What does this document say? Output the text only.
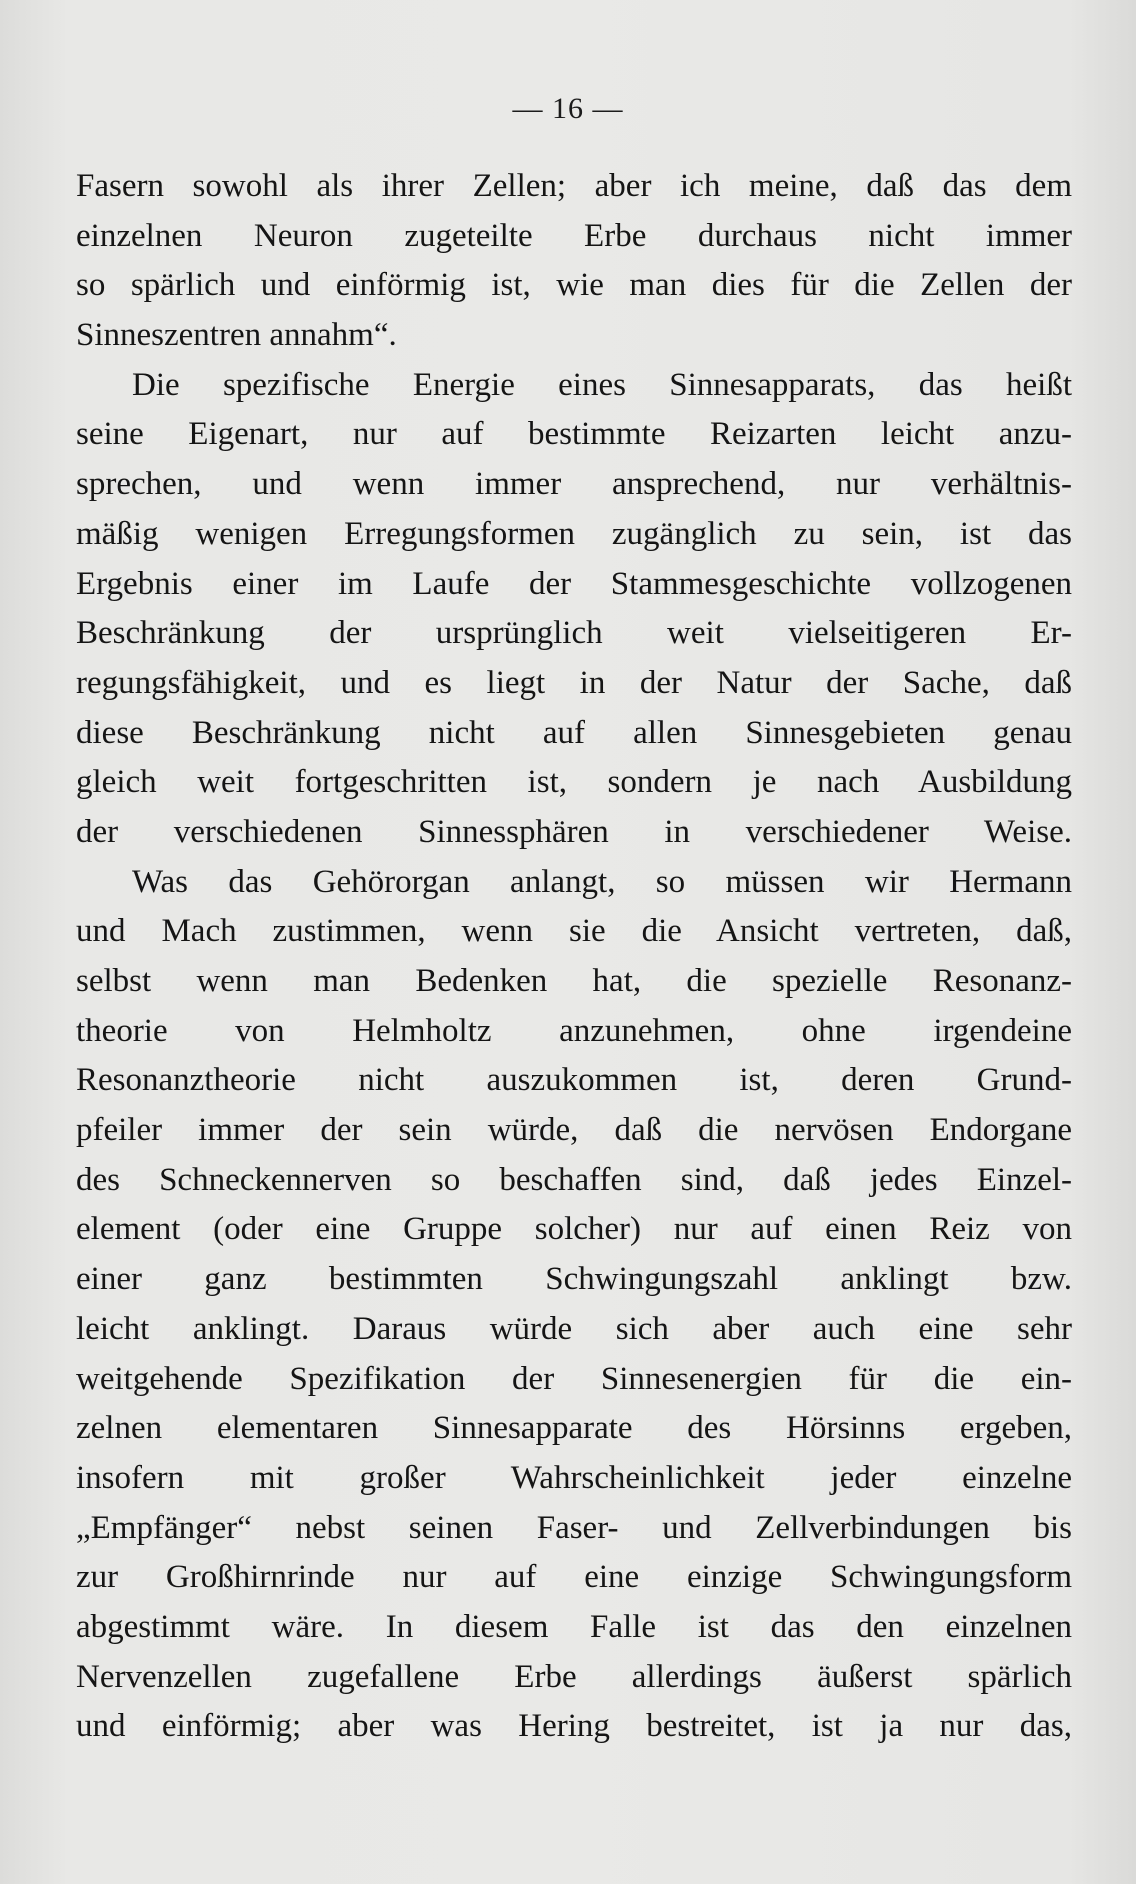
— 16 —
Fasern sowohl als ihrer Zellen; aber ich meine, daß das dem
einzelnen Neuron zugeteilte Erbe durchaus nicht immer
so spärlich und einförmig ist, wie man dies für die Zellen der
Sinneszentren annahm“.
Die spezifische Energie eines Sinnesapparats, das heißt
seine Eigenart, nur auf bestimmte Reizarten leicht anzu-
sprechen, und wenn immer ansprechend, nur verhältnis-
mäßig wenigen Erregungsformen zugänglich zu sein, ist das
Ergebnis einer im Laufe der Stammesgeschichte vollzogenen
Beschränkung der ursprünglich weit vielseitigeren Er-
regungsfähigkeit, und es liegt in der Natur der Sache, daß
diese Beschränkung nicht auf allen Sinnesgebieten genau
gleich weit fortgeschritten ist, sondern je nach Ausbildung
der verschiedenen Sinnessphären in verschiedener Weise.
Was das Gehörorgan anlangt, so müssen wir Hermann
und Mach zustimmen, wenn sie die Ansicht vertreten, daß,
selbst wenn man Bedenken hat, die spezielle Resonanz-
theorie von Helmholtz anzunehmen, ohne irgendeine
Resonanztheorie nicht auszukommen ist, deren Grund-
pfeiler immer der sein würde, daß die nervösen Endorgane
des Schneckennerven so beschaffen sind, daß jedes Einzel-
element (oder eine Gruppe solcher) nur auf einen Reiz von
einer ganz bestimmten Schwingungszahl anklingt bzw.
leicht anklingt. Daraus würde sich aber auch eine sehr
weitgehende Spezifikation der Sinnesenergien für die ein-
zelnen elementaren Sinnesapparate des Hörsinns ergeben,
insofern mit großer Wahrscheinlichkeit jeder einzelne
„Empfänger“ nebst seinen Faser- und Zellverbindungen bis
zur Großhirnrinde nur auf eine einzige Schwingungsform
abgestimmt wäre. In diesem Falle ist das den einzelnen
Nervenzellen zugefallene Erbe allerdings äußerst spärlich
und einförmig; aber was Hering bestreitet, ist ja nur das,
